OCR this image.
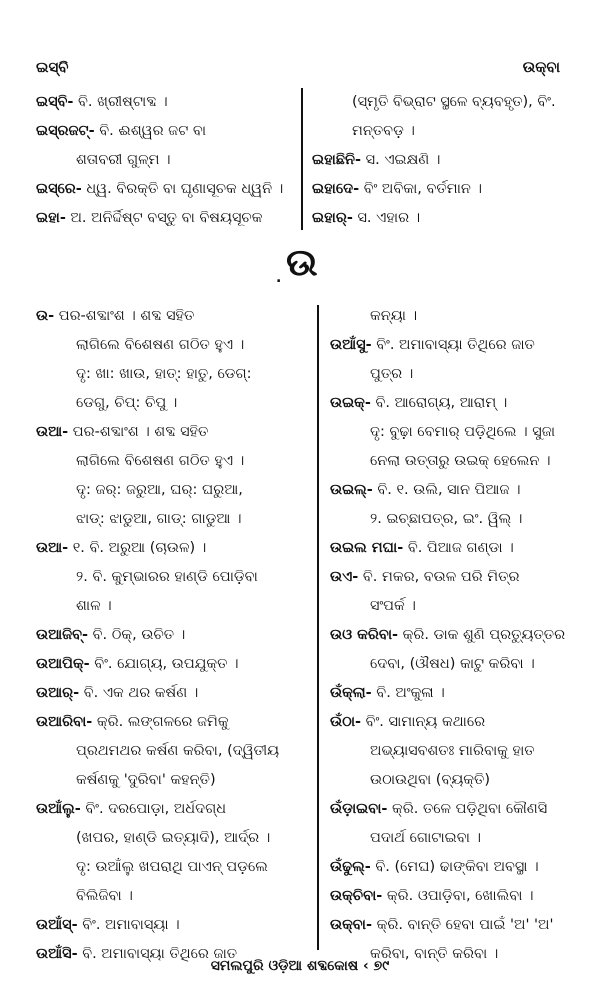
ଇସ୍‌ବି	ଉକ୍‌ବା
ଇସ୍‌ବି- ବି. ଖ୍ରୀଷ୍ଟାବ୍ଦ ।
ଇସ୍‌ରଜଟ୍- ବି. ଈଶ୍ୱର ଜଟ ବା
ଶତାବରୀ ଗୁଳ୍ମ ।
ଇସ୍‌ରେ- ଧ୍ୱ. ବିରକ୍ତି ବା ଘୃଣାସୂଚକ ଧ୍ୱନି ।
ଇହା- ଅ. ଅନିର୍ଦ୍ଦିଷ୍ଟ ବସ୍ତୁ ବା ବିଷୟସୂଚକ
(ସ୍ମୃତି ବିଭ୍ରାଟ ସ୍ଥଳେ ବ୍ୟବହୃତ), ବିଂ.
ମନ୍ତବଡ଼ ।
ଇହାଛିନି- ସ. ଏଇକ୍ଷଣି ।
ଇହାଦେ- ବିଂ ଅବିକା, ବର୍ତମାନ ।
ଇହାର୍- ସ. ଏହାର ।
. ଉ
ଉ- ପର-ଶବ୍ଦାଂଶ । ଶବ୍ଦ ସହିତ
ଲାଗିଲେ ବିଶେଷଣ ଗଠିତ ହୁଏ ।
ଦୃ: ଖା: ଖାଉ, ହାତ୍: ହାତୁ, ଡେଗ୍:
ଡେଗୁ, ଚିପ୍: ଚିପୁ ।
ଉଆ- ପର-ଶବ୍ଦାଂଶ । ଶବ୍ଦ ସହିତ
ଲାଗିଲେ ବିଶେଷଣ ଗଠିତ ହୁଏ ।
ଦୃ: ଜର୍: ଜରୁଆ, ଘର୍: ଘରୁଆ,
ଝାଡ୍: ଝାଡୁଆ, ଗାଡ୍: ଗାଡୁଆ ।
ଉଆ- ୧. ବି. ଅରୁଆ (ଚାଉଳ) ।
୨. ବି. କୁମ୍ଭାରର ହାଣ୍ଡି ପୋଡ଼ିବା
ଶାଳ ।
ଉଆଜିବ୍- ବି. ଠିକ୍, ଉଚିତ ।
ଉଆପିକ୍- ବିଂ. ଯୋଗ୍ୟ, ଉପଯୁକ୍ତ ।
ଉଆର୍- ବି. ଏକ ଥର କର୍ଷଣ ।
ଉଆରିବା- କ୍ରି. ଲଙ୍ଗଳରେ ଜମିକୁ
ପ୍ରଥମଥର କର୍ଷଣ କରିବା, (ଦ୍ୱିତୀୟ
କର୍ଷଣକୁ 'ଦୁରିବା' କହନ୍ତି)
ଉଆଁଲୁ- ବିଂ. ଦରପୋଡ଼ା, ଅର୍ଧଦଗ୍ଧ
(ଖପର, ହାଣ୍ଡି ଇତ୍ୟାଦି), ଆର୍ଦ୍ର ।
ଦୃ: ଉଆଁଲୁ ଖପରାଥି ପାଏନ୍ ପଡ଼ଲେ
ବିଲିଜିବା ।
ଉଆଁସ୍- ବିଂ. ଅମାବାସ୍ୟା ।
ଉଆଁସି- ବି. ଅମାବାସ୍ୟା ତିଥିରେ ଜାତ
କନ୍ୟା ।
ଉଆଁସୁ- ବିଂ. ଅମାବାସ୍ୟା ତିଥିରେ ଜାତ
ପୁତ୍ର ।
ଉଇକ୍- ବି. ଆରୋଗ୍ୟ, ଆରାମ୍ ।
ଦୃ: ବୁଢ଼ା ବେମାର୍ ପଡ଼ିଥିଲେ । ସୁଜା
ନେଲା ଉତ୍ତାରୁ ଉଇକ୍ ହେଲେନ ।
ଉଇଲ୍- ବି. ୧. ଉଲି, ସାନ ପିଆଜ ।
୨. ଇଚ୍ଛାପତ୍ର, ଇଂ. ୱିଲ୍ ।
ଉଇଲ ମଘା- ବି. ପିଆଜ ଗଣ୍ଡା ।
ଉଏ- ବି. ମକର, ବଉଳ ପରି ମିତ୍ର
ସଂପର୍କ ।
ଉଓ କରିବା- କ୍ରି. ଡାକ ଶୁଣି ପ୍ରତ୍ୟୁତ୍ତର
ଦେବା, (ଔଷଧ) କାଟୁ କରିବା ।
ଉଁକ୍ଲା- ବି. ଅଂକୁଳା ।
ଉଁଠା- ବିଂ. ସାମାନ୍ୟ କଥାରେ
ଅଭ୍ୟାସବଶତଃ ମାରିବାକୁ ହାତ
ଉଠାଉଥିବା (ବ୍ୟକ୍ତି)
ଉଁଡ଼ାଇବା- କ୍ରି. ତଳେ ପଡ଼ିଥିବା କୌଣସି
ପଦାର୍ଥ ଗୋଟାଇବା ।
ଉଁଢୁଲ୍- ବି. (ମେଘ) ଢାଙ୍କିବା ଅବସ୍ଥା ।
ଉକ୍‌ଚିବା- କ୍ରି. ଓପାଡ଼ିବା, ଖୋଲିବା ।
ଉକ୍‌ବା- କ୍ରି. ବାନ୍ତି ହେବା ପାଇଁ 'ଅ' 'ଅ'
କରିବା, ବାନ୍ତି କରିବା ।
ସମଲପୁରି ଓଡ଼ିଆ ଶବ୍ଦକୋଷ ‹ ୭୯
